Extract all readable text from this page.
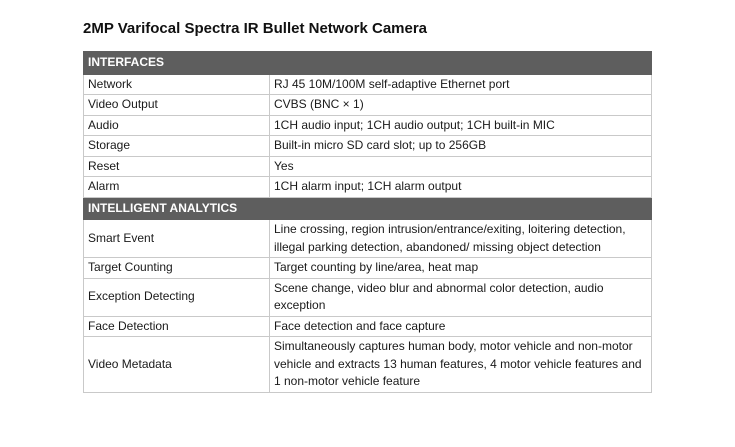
2MP Varifocal Spectra IR Bullet Network Camera
INTERFACES	
Network	RJ 45 10M/100M self-adaptive Ethernet port
Video Output	CVBS (BNC × 1)
Audio	1CH audio input; 1CH audio output; 1CH built-in MIC
Storage	Built-in micro SD card slot; up to 256GB
Reset	Yes
Alarm	1CH alarm input; 1CH alarm output
INTELLIGENT ANALYTICS	
Smart Event	Line crossing, region intrusion/entrance/exiting, loitering detection, illegal parking detection, abandoned/ missing object detection
Target Counting	Target counting by line/area, heat map
Exception Detecting	Scene change, video blur and abnormal color detection, audio exception
Face Detection	Face detection and face capture
Video Metadata	Simultaneously captures human body, motor vehicle and non-motor vehicle and extracts 13 human features, 4 motor vehicle features and 1 non-motor vehicle feature
